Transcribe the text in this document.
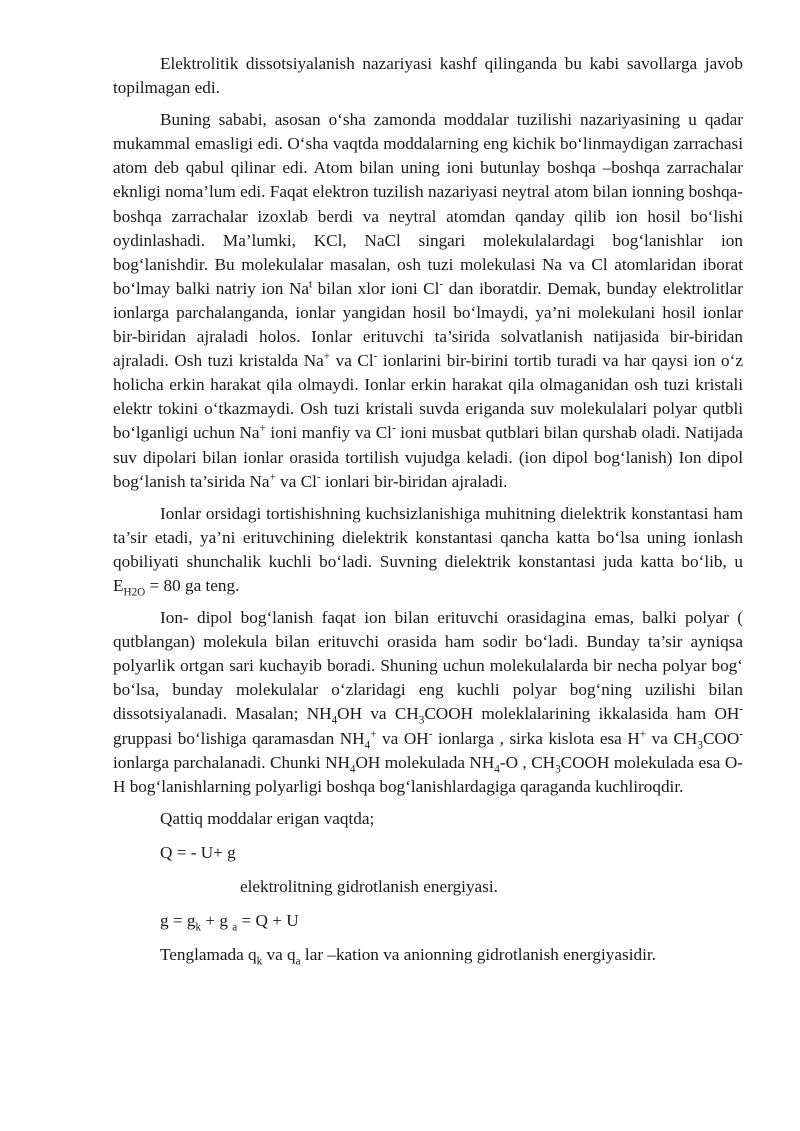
Elektrolitik dissotsiyalanish nazariyasi kashf qilinganda bu kabi savollarga javob topilmagan edi.

Buning sababi, asosan o‘sha zamonda moddalar tuzilishi nazariyasining u qadar mukammal emasligi edi. O‘sha vaqtda moddalarning eng kichik bo‘linmaydigan zarrachasi atom deb qabul qilinar edi. Atom bilan uning ioni butunlay boshqa –boshqa zarrachalar eknligi noma’lum edi. Faqat elektron tuzilish nazariyasi neytral atom bilan ionning boshqa-boshqa zarrachalar izoxlab berdi va neytral atomdan qanday qilib ion hosil bo‘lishi oydinlashadi. Ma’lumki, KCl, NaCl singari molekulalardagi bog‘lanishlar ion bog‘lanishdir. Bu molekulalar masalan, osh tuzi molekulasi Na va Cl atomlaridan iborat bo‘lmay balki natriy ion Na$^t$ bilan xlor ioni Cl- dan iboratdir. Demak, bunday elektrolitlar ionlarga parchalanganda, ionlar yangidan hosil bo‘lmaydi, ya’ni molekulani hosil ionlar bir-biridan ajraladi holos. Ionlar erituvchi ta’sirida solvatlanish natijasida bir-biridan ajraladi. Osh tuzi kristalda Na+ va Cl- ionlarini bir-birini tortib turadi va har qaysi ion o‘z holicha erkin harakat qila olmaydi. Ionlar erkin harakat qila olmaganidan osh tuzi kristali elektr tokini o‘tkazmaydi. Osh tuzi kristali suvda eriganda suv molekulalari polyar qutbli bo‘lganligi uchun Na+ ioni manfiy va Cl- ioni musbat qutblari bilan qurshab oladi. Natijada suv dipolari bilan ionlar orasida tortilish vujudga keladi. (ion dipol bog‘lanish) Ion dipol bog‘lanish ta’sirida Na+ va Cl- ionlari bir-biridan ajraladi.

Ionlar orsidagi tortishishning kuchsizlanishiga muhitning dielektrik konstantasi ham ta’sir etadi, ya’ni erituvchining dielektrik konstantasi qancha katta bo‘lsa uning ionlash qobiliyati shunchalik kuchli bo‘ladi. Suvning dielektrik konstantasi juda katta bo‘lib, u $E_{H2O} = 80$ ga teng.

Ion- dipol bog‘lanish faqat ion bilan erituvchi orasidagina emas, balki polyar ( qutblangan) molekula bilan erituvchi orasida ham sodir bo‘ladi. Bunday ta’sir ayniqsa polyarlik ortgan sari kuchayib boradi. Shuning uchun molekulalarda bir necha polyar bog‘ bo‘lsa, bunday molekulalar o‘zlaridagi eng kuchli polyar bog‘ning uzilishi bilan dissotsiyalanadi. Masalan; $NH_4OH$ va $CH_3COOH$ moleklalarining ikkalasida ham OH- gruppasi bo‘lishiga qaramasdan $NH_4^+$ va OH- ionlarga , sirka kislota esa H+ va $CH_3COO^-$ ionlarga parchalanadi. Chunki $NH_4OH$ molekulada $NH_4-O$ , $CH_3COOH$ molekulada esa O-H bog‘lanishlarning polyarligi boshqa bog‘lanishlardagiga qaraganda kuchliroqdir.

Qattiq moddalar erigan vaqtda;
Q = - U+ g
elektrolitning gidrotlanish energiyasi.
$g = g_k + g$ $_a$ = Q + U
Tenglamada $q_k$ va $q_a$ lar –kation va anionning gidrotlanish energiyasidir.
